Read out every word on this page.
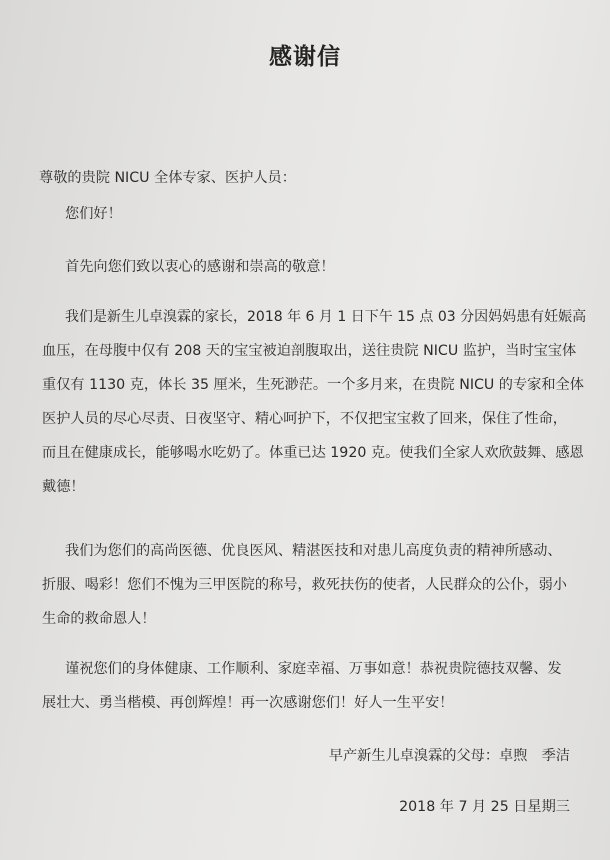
感谢信
尊敬的贵院 NICU 全体专家、医护人员：
您们好！
首先向您们致以衷心的感谢和崇高的敬意！
我们是新生儿卓溴霖的家长，2018 年 6 月 1 日下午 15 点 03 分因妈妈患有妊娠高
血压，在母腹中仅有 208 天的宝宝被迫剖腹取出，送往贵院 NICU 监护，当时宝宝体
重仅有 1130 克，体长 35 厘米，生死渺茫。一个多月来，在贵院 NICU 的专家和全体
医护人员的尽心尽责、日夜坚守、精心呵护下，不仅把宝宝救了回来，保住了性命，
而且在健康成长，能够喝水吃奶了。体重已达 1920 克。使我们全家人欢欣鼓舞、感恩
戴德！
我们为您们的高尚医德、优良医风、精湛医技和对患儿高度负责的精神所感动、
折服、喝彩！您们不愧为三甲医院的称号，救死扶伤的使者，人民群众的公仆，弱小
生命的救命恩人！
谨祝您们的身体健康、工作顺利、家庭幸福、万事如意！恭祝贵院德技双馨、发
展壮大、勇当楷模、再创辉煌！再一次感谢您们！好人一生平安！
早产新生儿卓溴霖的父母：卓煦　季洁
2018 年 7 月 25 日星期三
